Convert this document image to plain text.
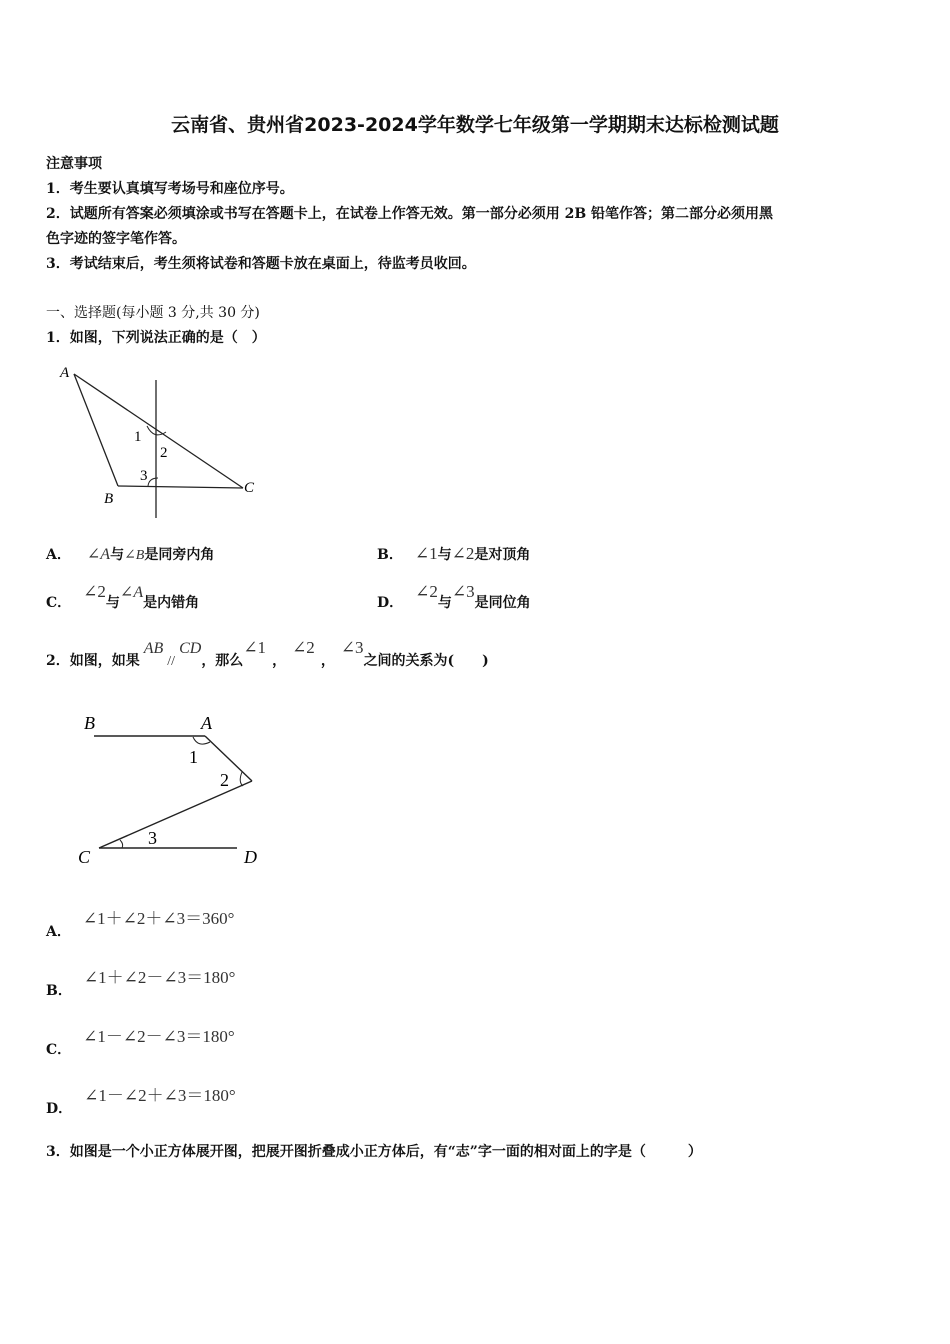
云南省、贵州省2023-2024学年数学七年级第一学期期末达标检测试题
注意事项
1．考生要认真填写考场号和座位序号。
2．试题所有答案必须填涂或书写在答题卡上，在试卷上作答无效。第一部分必须用 2B 铅笔作答；第二部分必须用黑
色字迹的签字笔作答。
3．考试结束后，考生须将试卷和答题卡放在桌面上，待监考员收回。
一、选择题(每小题 3 分,共 30 分)
1．如图，下列说法正确的是（　）
A
B
C
1
2
3
A． ∠A与∠B是同旁内角	B． ∠1与∠2是对顶角
C．∠2与∠A是内错角	D．∠2与∠3是同位角
2．如图，如果AB//CD，那么∠1，∠2，∠3之间的关系为(　　)
B	A
C	D
1
2
3
A．∠1＋∠2＋∠3＝360°
B．∠1＋∠2－∠3＝180°
C．∠1－∠2－∠3＝180°
D．∠1－∠2＋∠3＝180°
3．如图是一个小正方体展开图，把展开图折叠成小正方体后，有“志”字一面的相对面上的字是（　　　）
